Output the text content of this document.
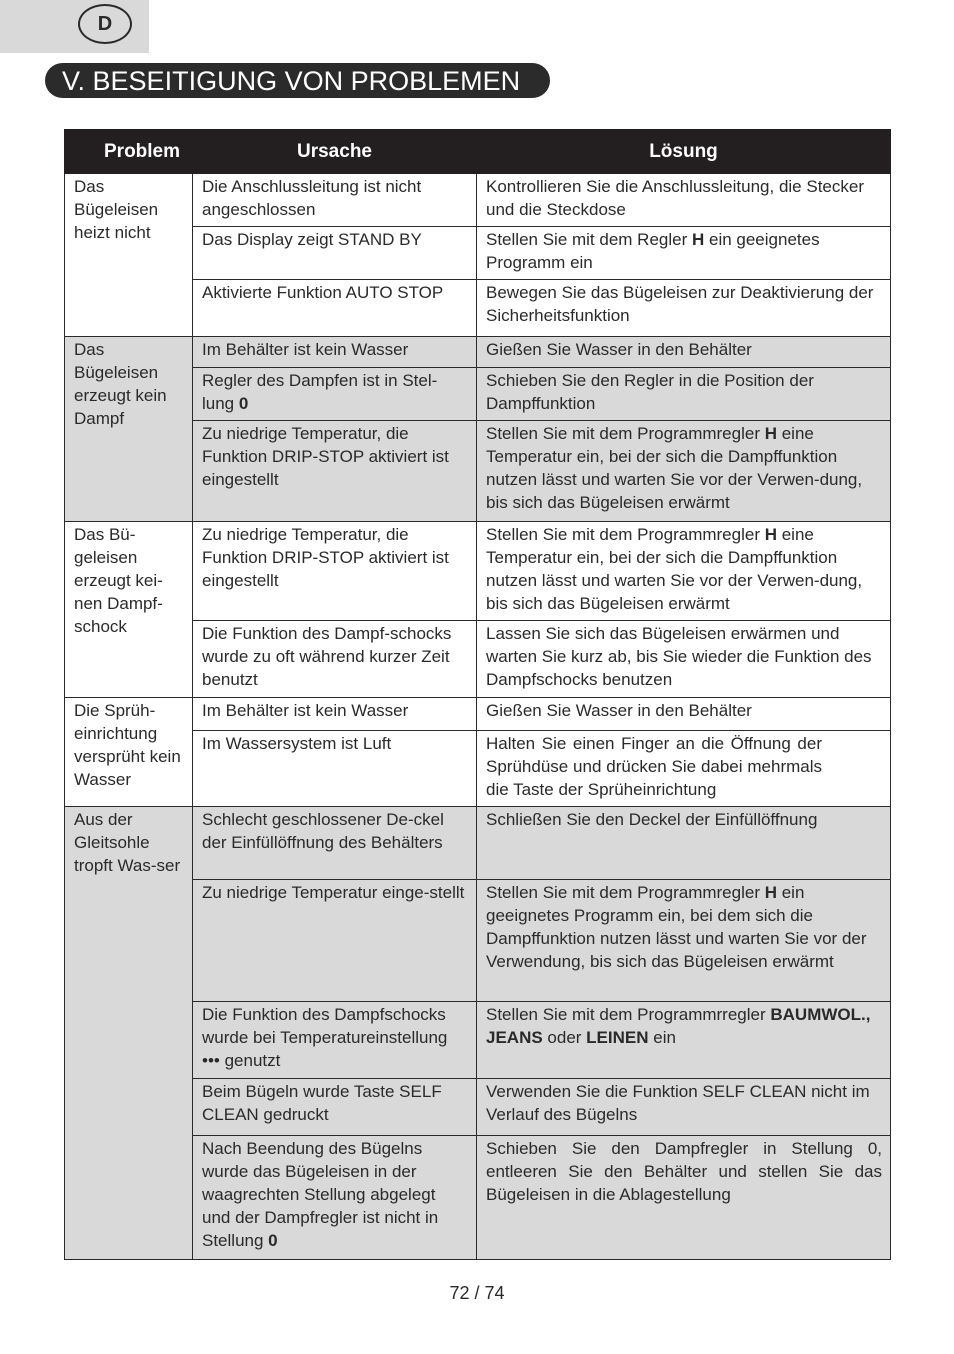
D
V. BESEITIGUNG VON PROBLEMEN
Problem	Ursache	Lösung
Das Bügeleisen heizt nicht	Die Anschlussleitung ist nicht angeschlossen	Kontrollieren Sie die Anschlussleitung, die Stecker und die Steckdose
	Das Display zeigt STAND BY	Stellen Sie mit dem Regler H ein geeignetes Programm ein
	Aktivierte Funktion AUTO STOP	Bewegen Sie das Bügeleisen zur Deaktivierung der Sicherheitsfunktion
Das Bügeleisen erzeugt kein Dampf	Im Behälter ist kein Wasser	Gießen Sie Wasser in den Behälter
	Regler des Dampfen ist in Stel-lung 0	Schieben Sie den Regler in die Position der Dampffunktion
	Zu niedrige Temperatur, die Funktion DRIP-STOP aktiviert ist eingestellt	Stellen Sie mit dem Programmregler H eine Temperatur ein, bei der sich die Dampffunktion nutzen lässt und warten Sie vor der Verwen-dung, bis sich das Bügeleisen erwärmt
Das Bü-geleisen erzeugt kei-nen Dampf-schock	Zu niedrige Temperatur, die Funktion DRIP-STOP aktiviert ist eingestellt	Stellen Sie mit dem Programmregler H eine Temperatur ein, bei der sich die Dampffunktion nutzen lässt und warten Sie vor der Verwen-dung, bis sich das Bügeleisen erwärmt
	Die Funktion des Dampf-schocks wurde zu oft während kurzer Zeit benutzt	Lassen Sie sich das Bügeleisen erwärmen und warten Sie kurz ab, bis Sie wieder die Funktion des Dampfschocks benutzen
Die Sprüh-einrichtung versprüht kein Wasser	Im Behälter ist kein Wasser	Gießen Sie Wasser in den Behälter
	Im Wassersystem ist Luft	Halten Sie einen Finger an die Öffnung der Sprühdüse und drücken Sie dabei mehrmals die Taste der Sprüheinrichtung
Aus der Gleitsohle tropft Was-ser	Schlecht geschlossener De-ckel der Einfüllöffnung des Behälters	Schließen Sie den Deckel der Einfüllöffnung
	Zu niedrige Temperatur einge-stellt	Stellen Sie mit dem Programmregler H ein geeignetes Programm ein, bei dem sich die Dampffunktion nutzen lässt und warten Sie vor der Verwendung, bis sich das Bügeleisen erwärmt
	Die Funktion des Dampfschocks wurde bei Temperatureinstellung ••• genutzt	Stellen Sie mit dem Programmrregler BAUMWOL., JEANS oder LEINEN ein
	Beim Bügeln wurde Taste SELF CLEAN gedruckt	Verwenden Sie die Funktion SELF CLEAN nicht im Verlauf des Bügelns
	Nach Beendung des Bügelns wurde das Bügeleisen in der waagrechten Stellung abgelegt und der Dampfregler ist nicht in Stellung 0	Schieben Sie den Dampfregler in Stellung 0, entleeren Sie den Behälter und stellen Sie das Bügeleisen in die Ablagestellung
72 / 74
